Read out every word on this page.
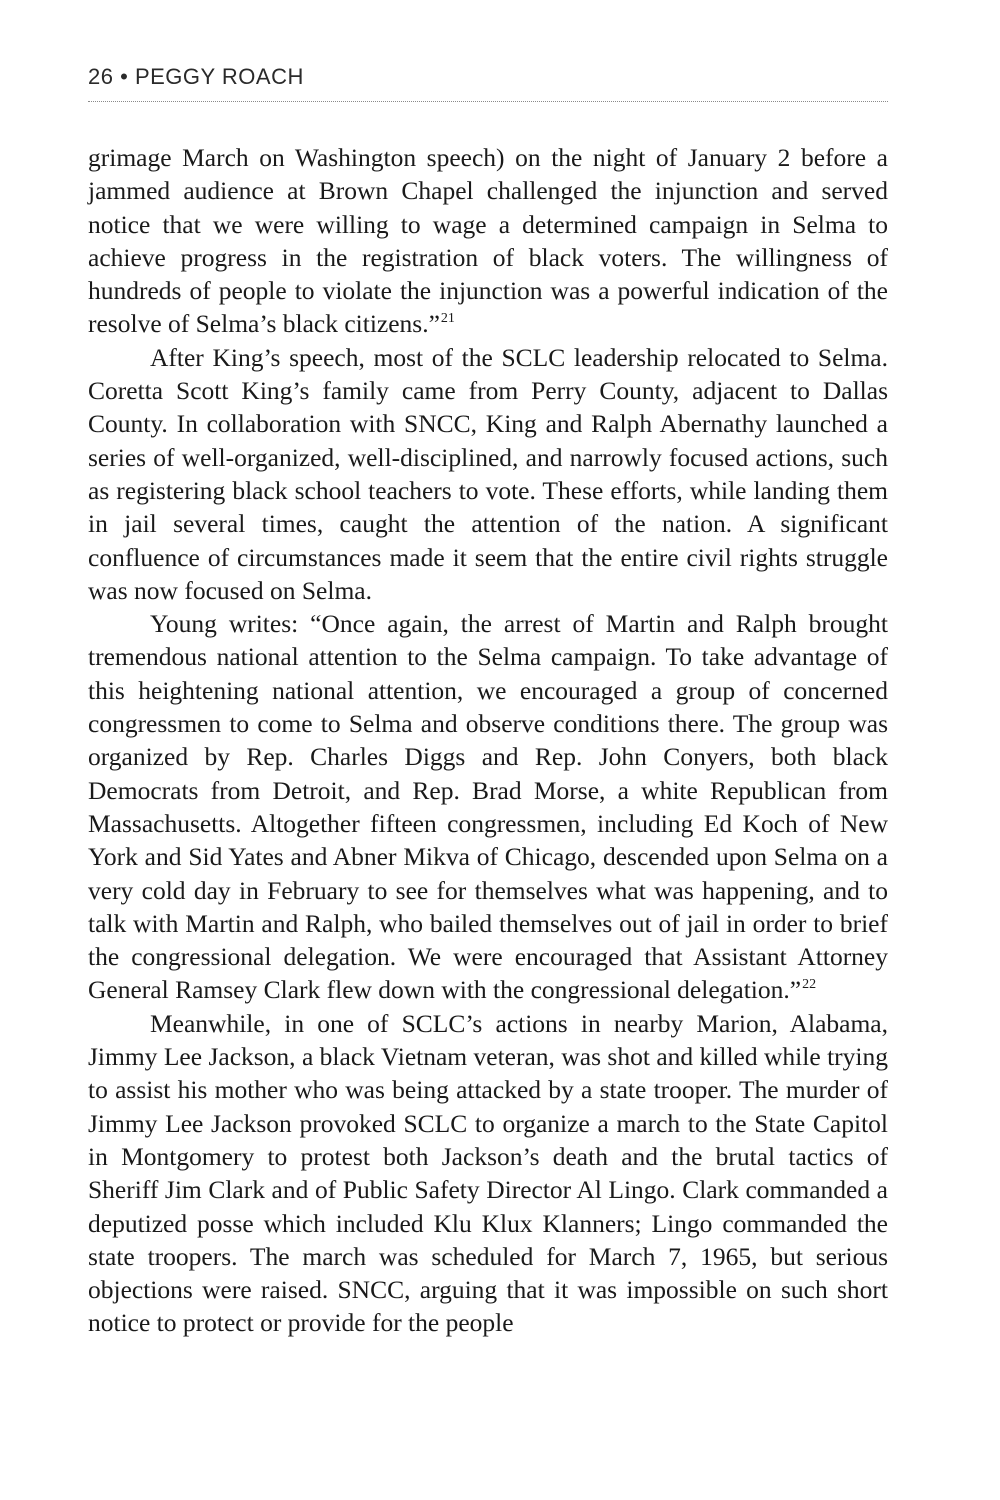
26 • PEGGY ROACH

grimage March on Washington speech) on the night of January 2 before a jammed audience at Brown Chapel challenged the injunction and served notice that we were willing to wage a determined campaign in Selma to achieve progress in the registration of black voters. The willingness of hundreds of people to violate the injunction was a powerful indication of the resolve of Selma’s black citizens.”$^{21}$

After King’s speech, most of the SCLC leadership relocated to Selma. Coretta Scott King’s family came from Perry County, adjacent to Dallas County. In collaboration with SNCC, King and Ralph Abernathy launched a series of well-organized, well-disciplined, and narrowly focused actions, such as registering black school teachers to vote. These efforts, while landing them in jail several times, caught the attention of the nation. A significant confluence of circumstances made it seem that the entire civil rights struggle was now focused on Selma.

Young writes: “Once again, the arrest of Martin and Ralph brought tremendous national attention to the Selma campaign. To take advantage of this heightening national attention, we encouraged a group of concerned congressmen to come to Selma and observe conditions there. The group was organized by Rep. Charles Diggs and Rep. John Conyers, both black Democrats from Detroit, and Rep. Brad Morse, a white Republican from Massachusetts. Altogether fifteen congressmen, including Ed Koch of New York and Sid Yates and Abner Mikva of Chicago, descended upon Selma on a very cold day in February to see for themselves what was happening, and to talk with Martin and Ralph, who bailed themselves out of jail in order to brief the congressional delegation. We were encouraged that Assistant Attorney General Ramsey Clark flew down with the congressional delegation.”$^{22}$

Meanwhile, in one of SCLC’s actions in nearby Marion, Alabama, Jimmy Lee Jackson, a black Vietnam veteran, was shot and killed while trying to assist his mother who was being attacked by a state trooper. The murder of Jimmy Lee Jackson provoked SCLC to organize a march to the State Capitol in Montgomery to protest both Jackson’s death and the brutal tactics of Sheriff Jim Clark and of Public Safety Director Al Lingo. Clark commanded a deputized posse which included Klu Klux Klanners; Lingo commanded the state troopers. The march was scheduled for March 7, 1965, but serious objections were raised. SNCC, arguing that it was impossible on such short notice to protect or provide for the people
